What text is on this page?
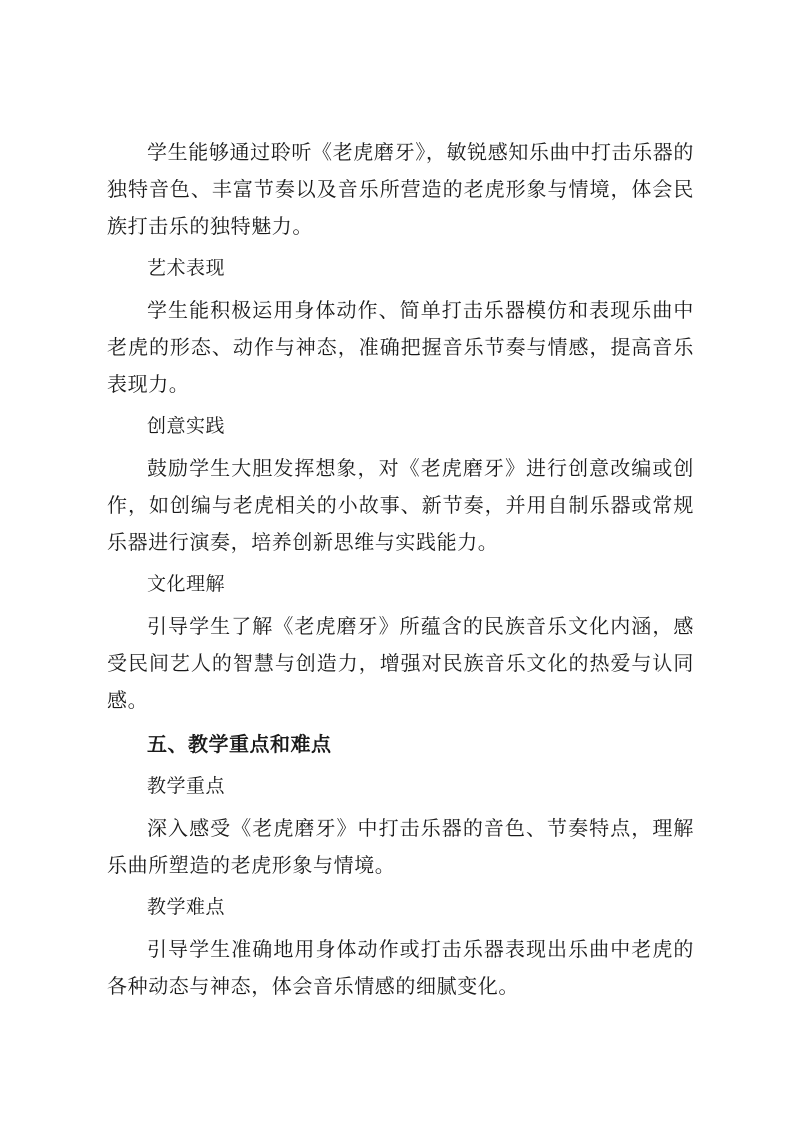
学生能够通过聆听《老虎磨牙》，敏锐感知乐曲中打击乐器的独特音色、丰富节奏以及音乐所营造的老虎形象与情境，体会民族打击乐的独特魅力。

艺术表现

学生能积极运用身体动作、简单打击乐器模仿和表现乐曲中老虎的形态、动作与神态，准确把握音乐节奏与情感，提高音乐表现力。

创意实践

鼓励学生大胆发挥想象，对《老虎磨牙》进行创意改编或创作，如创编与老虎相关的小故事、新节奏，并用自制乐器或常规乐器进行演奏，培养创新思维与实践能力。

文化理解

引导学生了解《老虎磨牙》所蕴含的民族音乐文化内涵，感受民间艺人的智慧与创造力，增强对民族音乐文化的热爱与认同感。

五、教学重点和难点

教学重点

深入感受《老虎磨牙》中打击乐器的音色、节奏特点，理解乐曲所塑造的老虎形象与情境。

教学难点

引导学生准确地用身体动作或打击乐器表现出乐曲中老虎的各种动态与神态，体会音乐情感的细腻变化。
